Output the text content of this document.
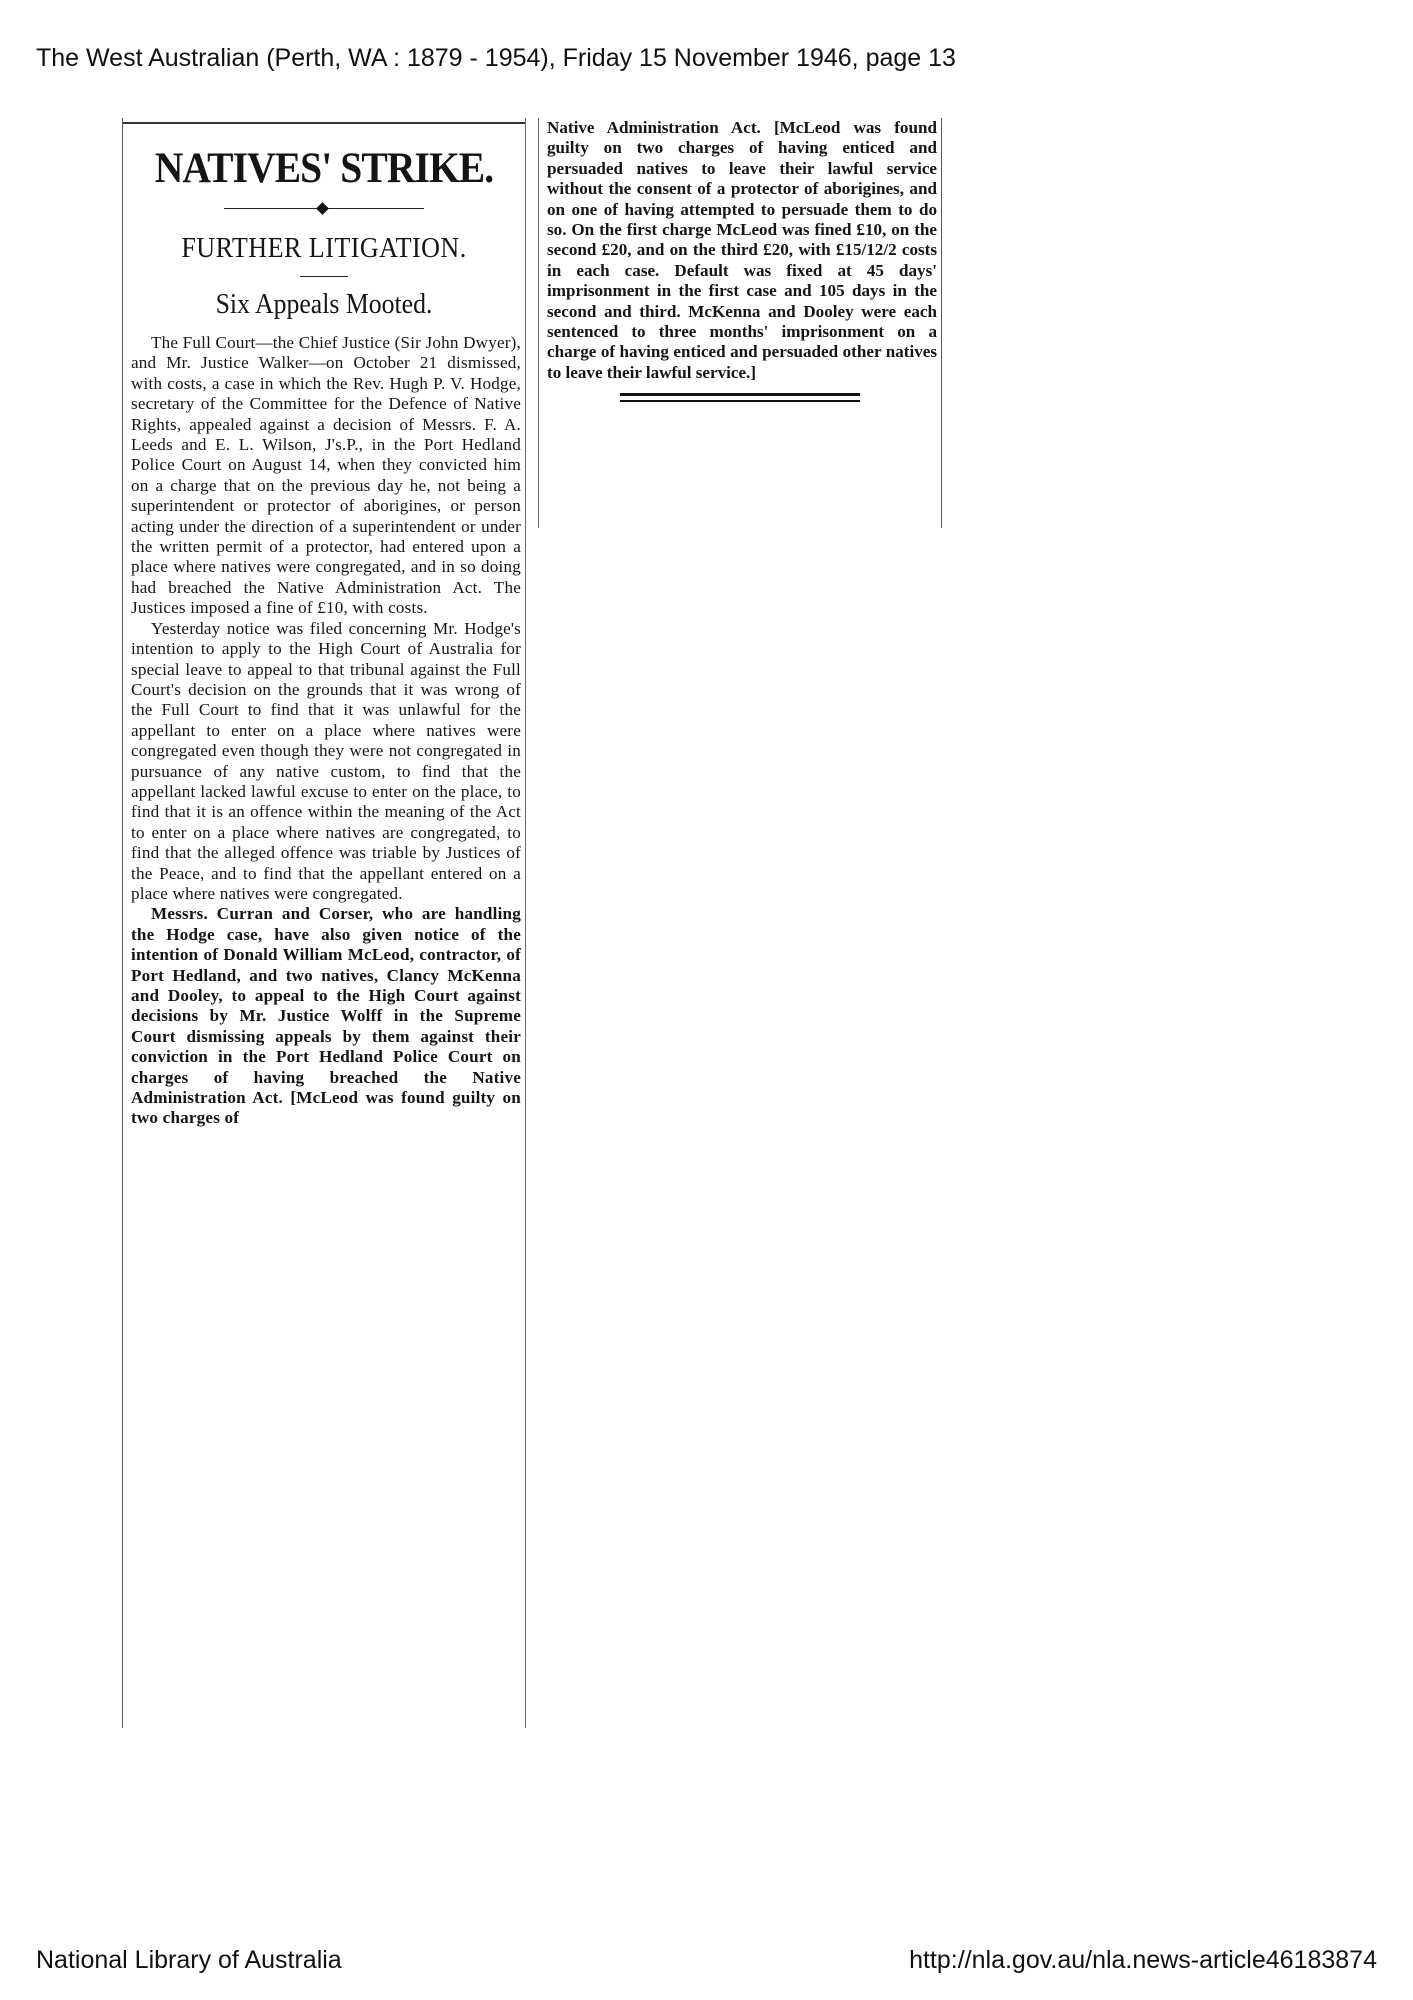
The West Australian (Perth, WA : 1879 - 1954), Friday 15 November 1946, page 13
NATIVES' STRIKE.
FURTHER LITIGATION.
Six Appeals Mooted.

The Full Court—the Chief Justice (Sir John Dwyer), and Mr. Justice Walker—on October 21 dismissed, with costs, a case in which the Rev. Hugh P. V. Hodge, secretary of the Committee for the Defence of Native Rights, appealed against a decision of Messrs. F. A. Leeds and E. L. Wilson, J's.P., in the Port Hedland Police Court on August 14, when they convicted him on a charge that on the previous day he, not being a superintendent or protector of aborigines, or person acting under the direction of a superintendent or under the written permit of a protector, had entered upon a place where natives were congregated, and in so doing had breached the Native Administration Act. The Justices imposed a fine of £10, with costs.

Yesterday notice was filed concerning Mr. Hodge's intention to apply to the High Court of Australia for special leave to appeal to that tribunal against the Full Court's decision on the grounds that it was wrong of the Full Court to find that it was unlawful for the appellant to enter on a place where natives were congregated even though they were not congregated in pursuance of any native custom, to find that the appellant lacked lawful excuse to enter on the place, to find that it is an offence within the meaning of the Act to enter on a place where natives are congregated, to find that the alleged offence was triable by Justices of the Peace, and to find that the appellant entered on a place where natives were congregated.

Messrs. Curran and Corser, who are handling the Hodge case, have also given notice of the intention of Donald William McLeod, contractor, of Port Hedland, and two natives, Clancy McKenna and Dooley, to appeal to the High Court against decisions by Mr. Justice Wolff in the Supreme Court dismissing appeals by them against their conviction in the Port Hedland Police Court on charges of having breached the Native Administration Act. [McLeod was found guilty on two charges of

Native Administration Act. [McLeod was found guilty on two charges of having enticed and persuaded natives to leave their lawful service without the consent of a protector of aborigines, and on one of having attempted to persuade them to do so. On the first charge McLeod was fined £10, on the second £20, and on the third £20, with £15/12/2 costs in each case. Default was fixed at 45 days' imprisonment in the first case and 105 days in the second and third. McKenna and Dooley were each sentenced to three months' imprisonment on a charge of having enticed and persuaded other natives to leave their lawful service.]

National Library of Australia	http://nla.gov.au/nla.news-article46183874
